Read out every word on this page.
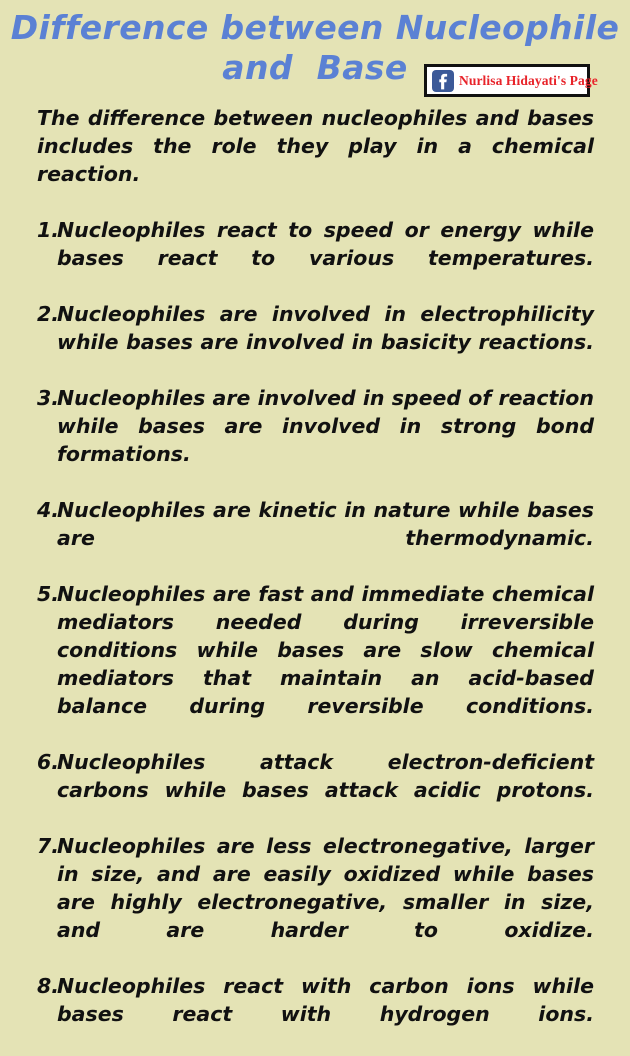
Difference between Nucleophile
and  Base	Nurlisa Hidayati's Page

The difference between nucleophiles and bases includes the role they play in a chemical reaction.

1.
Nucleophiles react to speed or energy while bases react to various temperatures.
2.
Nucleophiles are involved in electrophilicity while bases are involved in basicity reactions.
3.
Nucleophiles are involved in speed of reaction while bases are involved in strong bond formations.
4.
Nucleophiles are kinetic in nature while bases are thermodynamic.
5.
Nucleophiles are fast and immediate chemical mediators needed during irreversible conditions while bases are slow chemical mediators that maintain an acid-based balance during reversible conditions.
6.
Nucleophiles attack electron-deficient carbons while bases attack acidic protons.
7.
Nucleophiles are less electronegative, larger in size, and are easily oxidized while bases are highly electronegative, smaller in size, and are harder to oxidize.
8.
Nucleophiles react with carbon ions while bases react with hydrogen ions.
